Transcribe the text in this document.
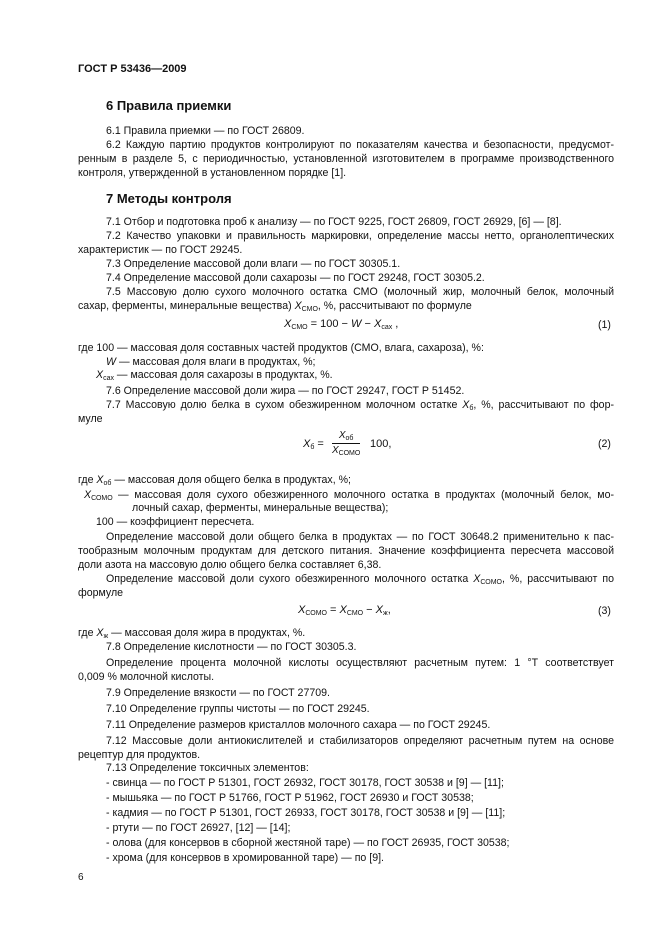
ГОСТ Р 53436—2009
6 Правила приемки
6.1 Правила приемки — по ГОСТ 26809.
6.2 Каждую партию продуктов контролируют по показателям качества и безопасности, предусмот-
ренным в разделе 5, с периодичностью, установленной изготовителем в программе производственного
контроля, утвержденной в установленном порядке [1].
7 Методы контроля
7.1 Отбор и подготовка проб к анализу — по ГОСТ 9225, ГОСТ 26809, ГОСТ 26929, [6] — [8].
7.2 Качество упаковки и правильность маркировки, определение массы нетто, органолептических
характеристик — по ГОСТ 29245.
7.3 Определение массовой доли влаги — по ГОСТ 30305.1.
7.4 Определение массовой доли сахарозы — по ГОСТ 29248, ГОСТ 30305.2.
7.5 Массовую долю сухого молочного остатка СМО (молочный жир, молочный белок, молочный
сахар, ферменты, минеральные вещества) $X_{СМО}$, %, рассчитывают по формуле
$X_{СМО} = 100 - W - X_{сах}$ ,	(1)
где 100 — массовая доля составных частей продуктов (СМО, влага, сахароза), %:
W — массовая доля влаги в продуктах, %;
$X_{сах}$ — массовая доля сахарозы в продуктах, %.
7.6 Определение массовой доли жира — по ГОСТ 29247, ГОСТ Р 51452.
7.7 Массовую долю белка в сухом обезжиренном молочном остатке $X_б$, %, рассчитывают по фор-
муле
$X_б$ =
$X_{об}$
$X_{СОМО}$
100,	(2)
где $X_{об}$ — массовая доля общего белка в продуктах, %;
$X_{СОМО}$ — массовая доля сухого обезжиренного молочного остатка в продуктах (молочный белок, мо-
лочный сахар, ферменты, минеральные вещества);
100 — коэффициент пересчета.
Определение массовой доли общего белка в продуктах — по ГОСТ 30648.2 применительно к пас-
тообразным молочным продуктам для детского питания. Значение коэффициента пересчета массовой
доли азота на массовую долю общего белка составляет 6,38.
Определение массовой доли сухого обезжиренного молочного остатка $X_{СОМО}$, %, рассчитывают по
формуле
$X_{СОМО} = X_{СМО} - X_ж$,	(3)
где $X_ж$ — массовая доля жира в продуктах, %.
7.8 Определение кислотности — по ГОСТ 30305.3.
Определение процента молочной кислоты осуществляют расчетным путем: 1 °Т соответствует
0,009 % молочной кислоты.
7.9 Определение вязкости — по ГОСТ 27709.
7.10 Определение группы чистоты — по ГОСТ 29245.
7.11 Определение размеров кристаллов молочного сахара — по ГОСТ 29245.
7.12 Массовые доли антиокислителей и стабилизаторов определяют расчетным путем на основе
рецептур для продуктов.
7.13 Определение токсичных элементов:
- свинца — по ГОСТ Р 51301, ГОСТ 26932, ГОСТ 30178, ГОСТ 30538 и [9] — [11];
- мышьяка — по ГОСТ Р 51766, ГОСТ Р 51962, ГОСТ 26930 и ГОСТ 30538;
- кадмия — по ГОСТ Р 51301, ГОСТ 26933, ГОСТ 30178, ГОСТ 30538 и [9] — [11];
- ртути — по ГОСТ 26927, [12] — [14];
- олова (для консервов в сборной жестяной таре) — по ГОСТ 26935, ГОСТ 30538;
- хрома (для консервов в хромированной таре) — по [9].
6
